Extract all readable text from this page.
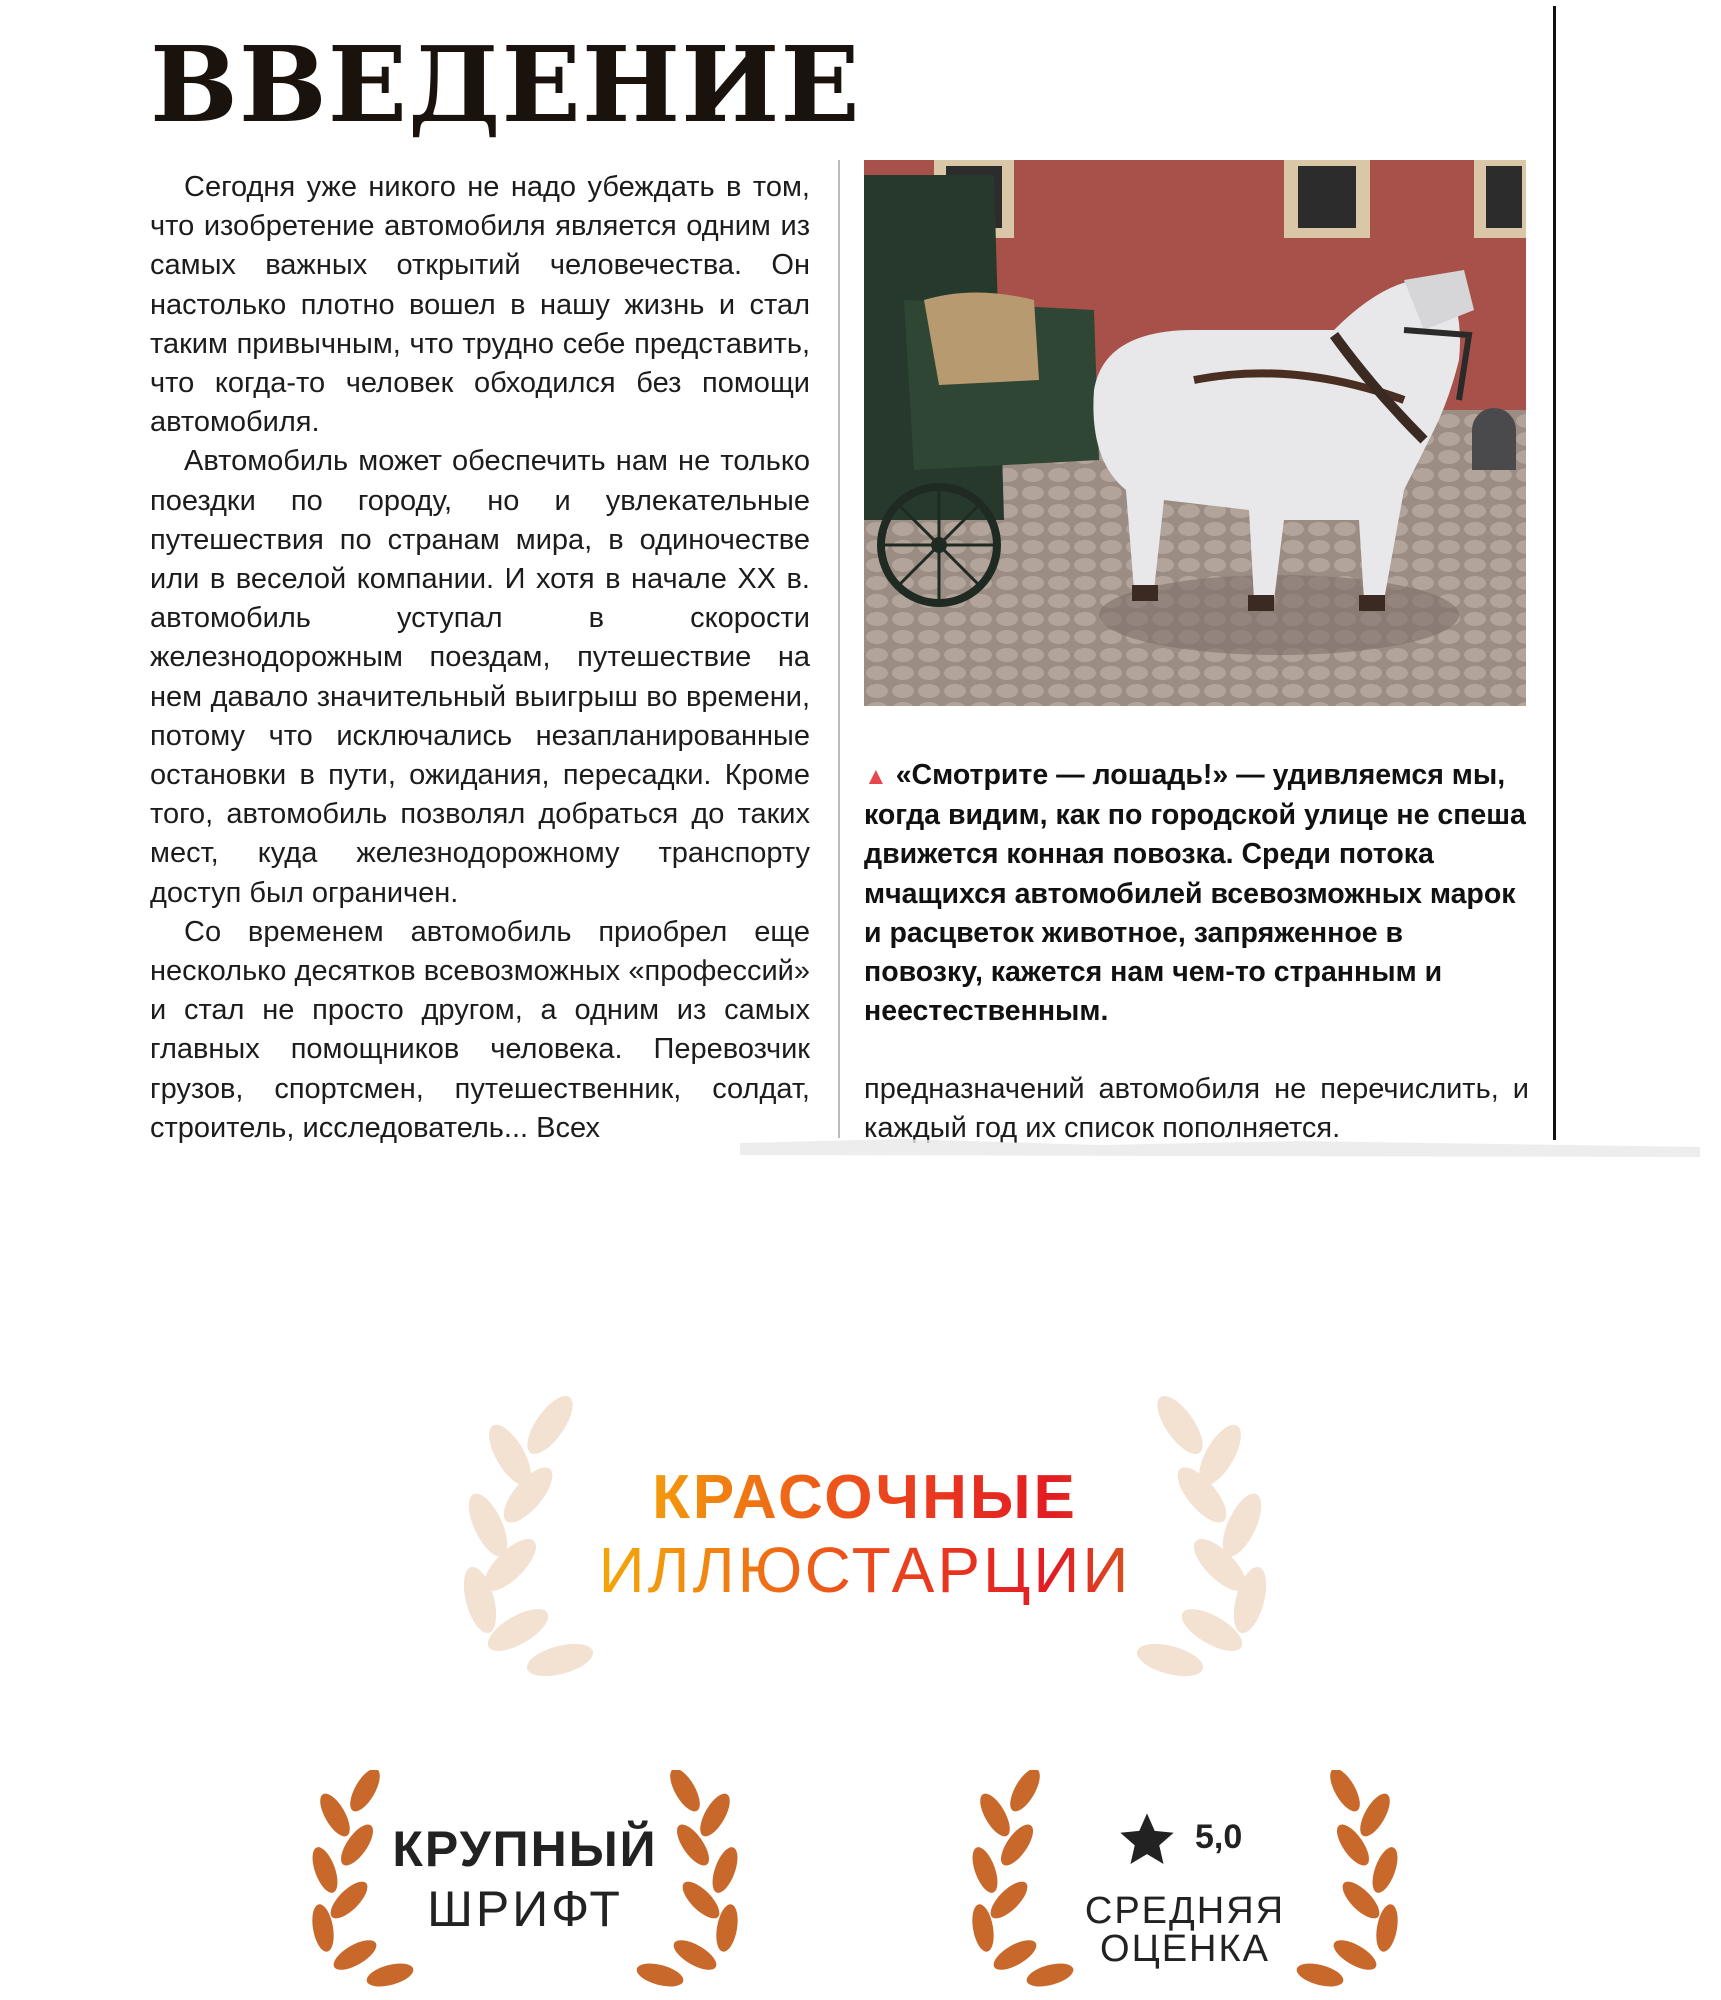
ВВЕДЕНИЕ

Сегодня уже никого не надо убеждать в том, что изобретение автомобиля является одним из самых важных открытий человечества. Он настолько плотно вошел в нашу жизнь и стал таким привычным, что трудно себе представить, что когда-то человек обходился без помощи автомобиля.

Автомобиль может обеспечить нам не только поездки по городу, но и увлекательные путешествия по странам мира, в одиночестве или в веселой компании. И хотя в начале XX в. автомобиль уступал в скорости железнодорожным поездам, путешествие на нем давало значительный выигрыш во времени, потому что исключались незапланированные остановки в пути, ожидания, пересадки. Кроме того, автомобиль позволял добраться до таких мест, куда железнодорожному транспорту доступ был ограничен.

Со временем автомобиль приобрел еще несколько десятков всевозможных «профессий» и стал не просто другом, а одним из самых главных помощников человека. Перевозчик грузов, спортсмен, путешественник, солдат, строитель, исследователь... Всех

▲ «Смотрите — лошадь!» — удивляемся мы, когда видим, как по городской улице не спеша движется конная повозка. Среди потока мчащихся автомобилей всевозможных марок и расцветок животное, запряженное в повозку, кажется нам чем-то странным и неестественным.

предназначений автомобиля не перечислить, и каждый год их список пополняется.

КРАСОЧНЫЕ
ИЛЛЮСТАРЦИИ
КРУПНЫЙ
ШРИФТ
5,0
СРЕДНЯЯ
ОЦЕНКА
